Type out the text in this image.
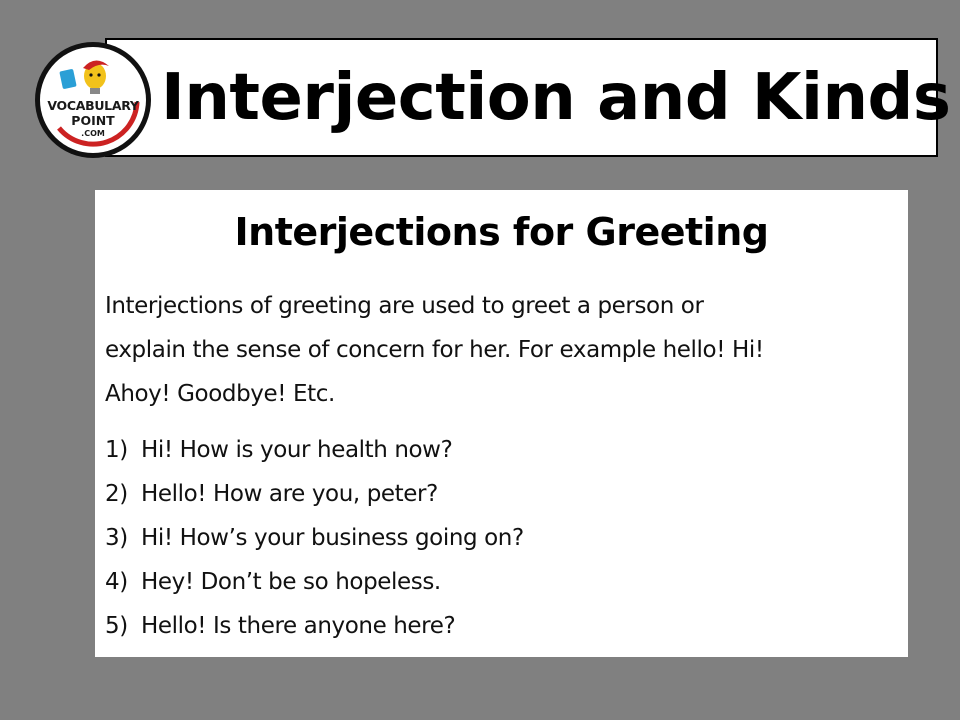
Interjection and Kinds
VOCABULARY
POINT
.COM
Interjections for Greeting
Interjections of greeting are used to greet a person or
explain the sense of concern for her. For example hello! Hi!
Ahoy! Goodbye! Etc.
1) Hi! How is your health now?
2) Hello! How are you, peter?
3) Hi! How’s your business going on?
4) Hey! Don’t be so hopeless.
5) Hello! Is there anyone here?
